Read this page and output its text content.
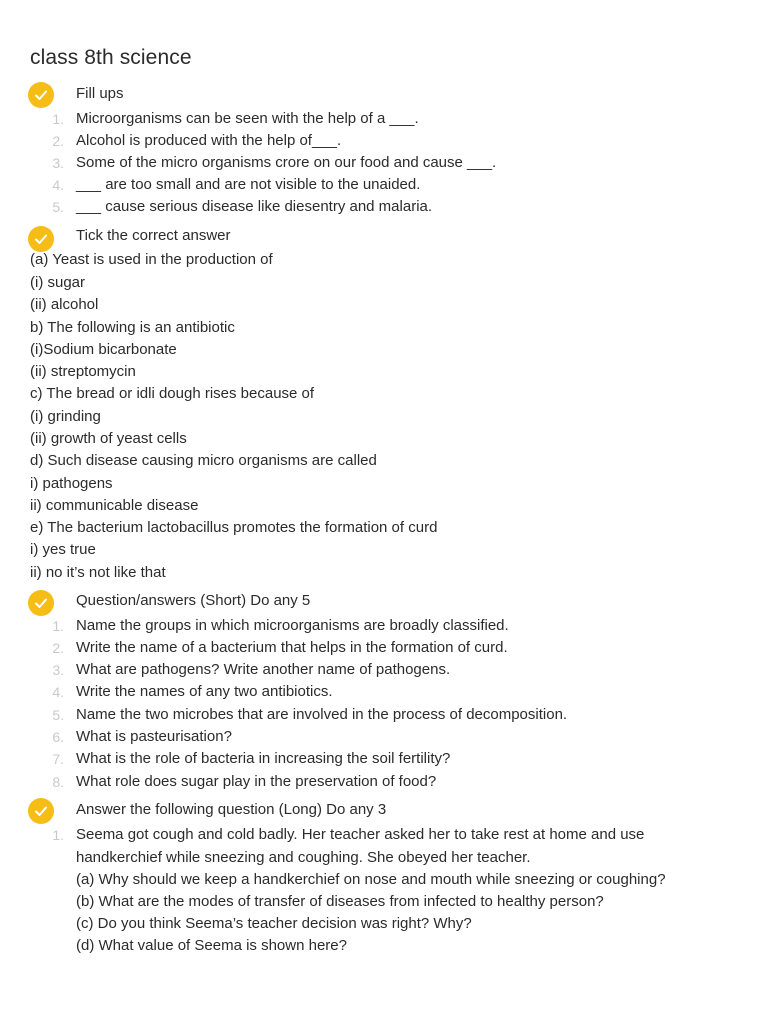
class 8th science
Fill ups
1. Microorganisms can be seen with the help of a ___.
2. Alcohol is produced with the help of___.
3. Some of the micro organisms crore on our food and cause ___.
4. ___ are too small and are not visible to the unaided.
5. ___ cause serious disease like diesentry and malaria.
Tick the correct answer
(a) Yeast is used in the production of
(i) sugar
(ii) alcohol
b) The following is an antibiotic
(i)Sodium bicarbonate
(ii) streptomycin
c) The bread or idli dough rises because of
(i) grinding
(ii) growth of yeast cells
d) Such disease causing micro organisms are called
i) pathogens
ii) communicable disease
e) The bacterium lactobacillus promotes the formation of curd
i) yes true
ii) no it’s not like that
Question/answers (Short) Do any 5
1. Name the groups in which microorganisms are broadly classified.
2. Write the name of a bacterium that helps in the formation of curd.
3. What are pathogens? Write another name of pathogens.
4. Write the names of any two antibiotics.
5. Name the two microbes that are involved in the process of decomposition.
6. What is pasteurisation?
7. What is the role of bacteria in increasing the soil fertility?
8. What role does sugar play in the preservation of food?
Answer the following question (Long) Do any 3
1. Seema got cough and cold badly. Her teacher asked her to take rest at home and use
handkerchief while sneezing and coughing. She obeyed her teacher.
(a) Why should we keep a handkerchief on nose and mouth while sneezing or coughing?
(b) What are the modes of transfer of diseases from infected to healthy person?
(c) Do you think Seema’s teacher decision was right? Why?
(d) What value of Seema is shown here?
